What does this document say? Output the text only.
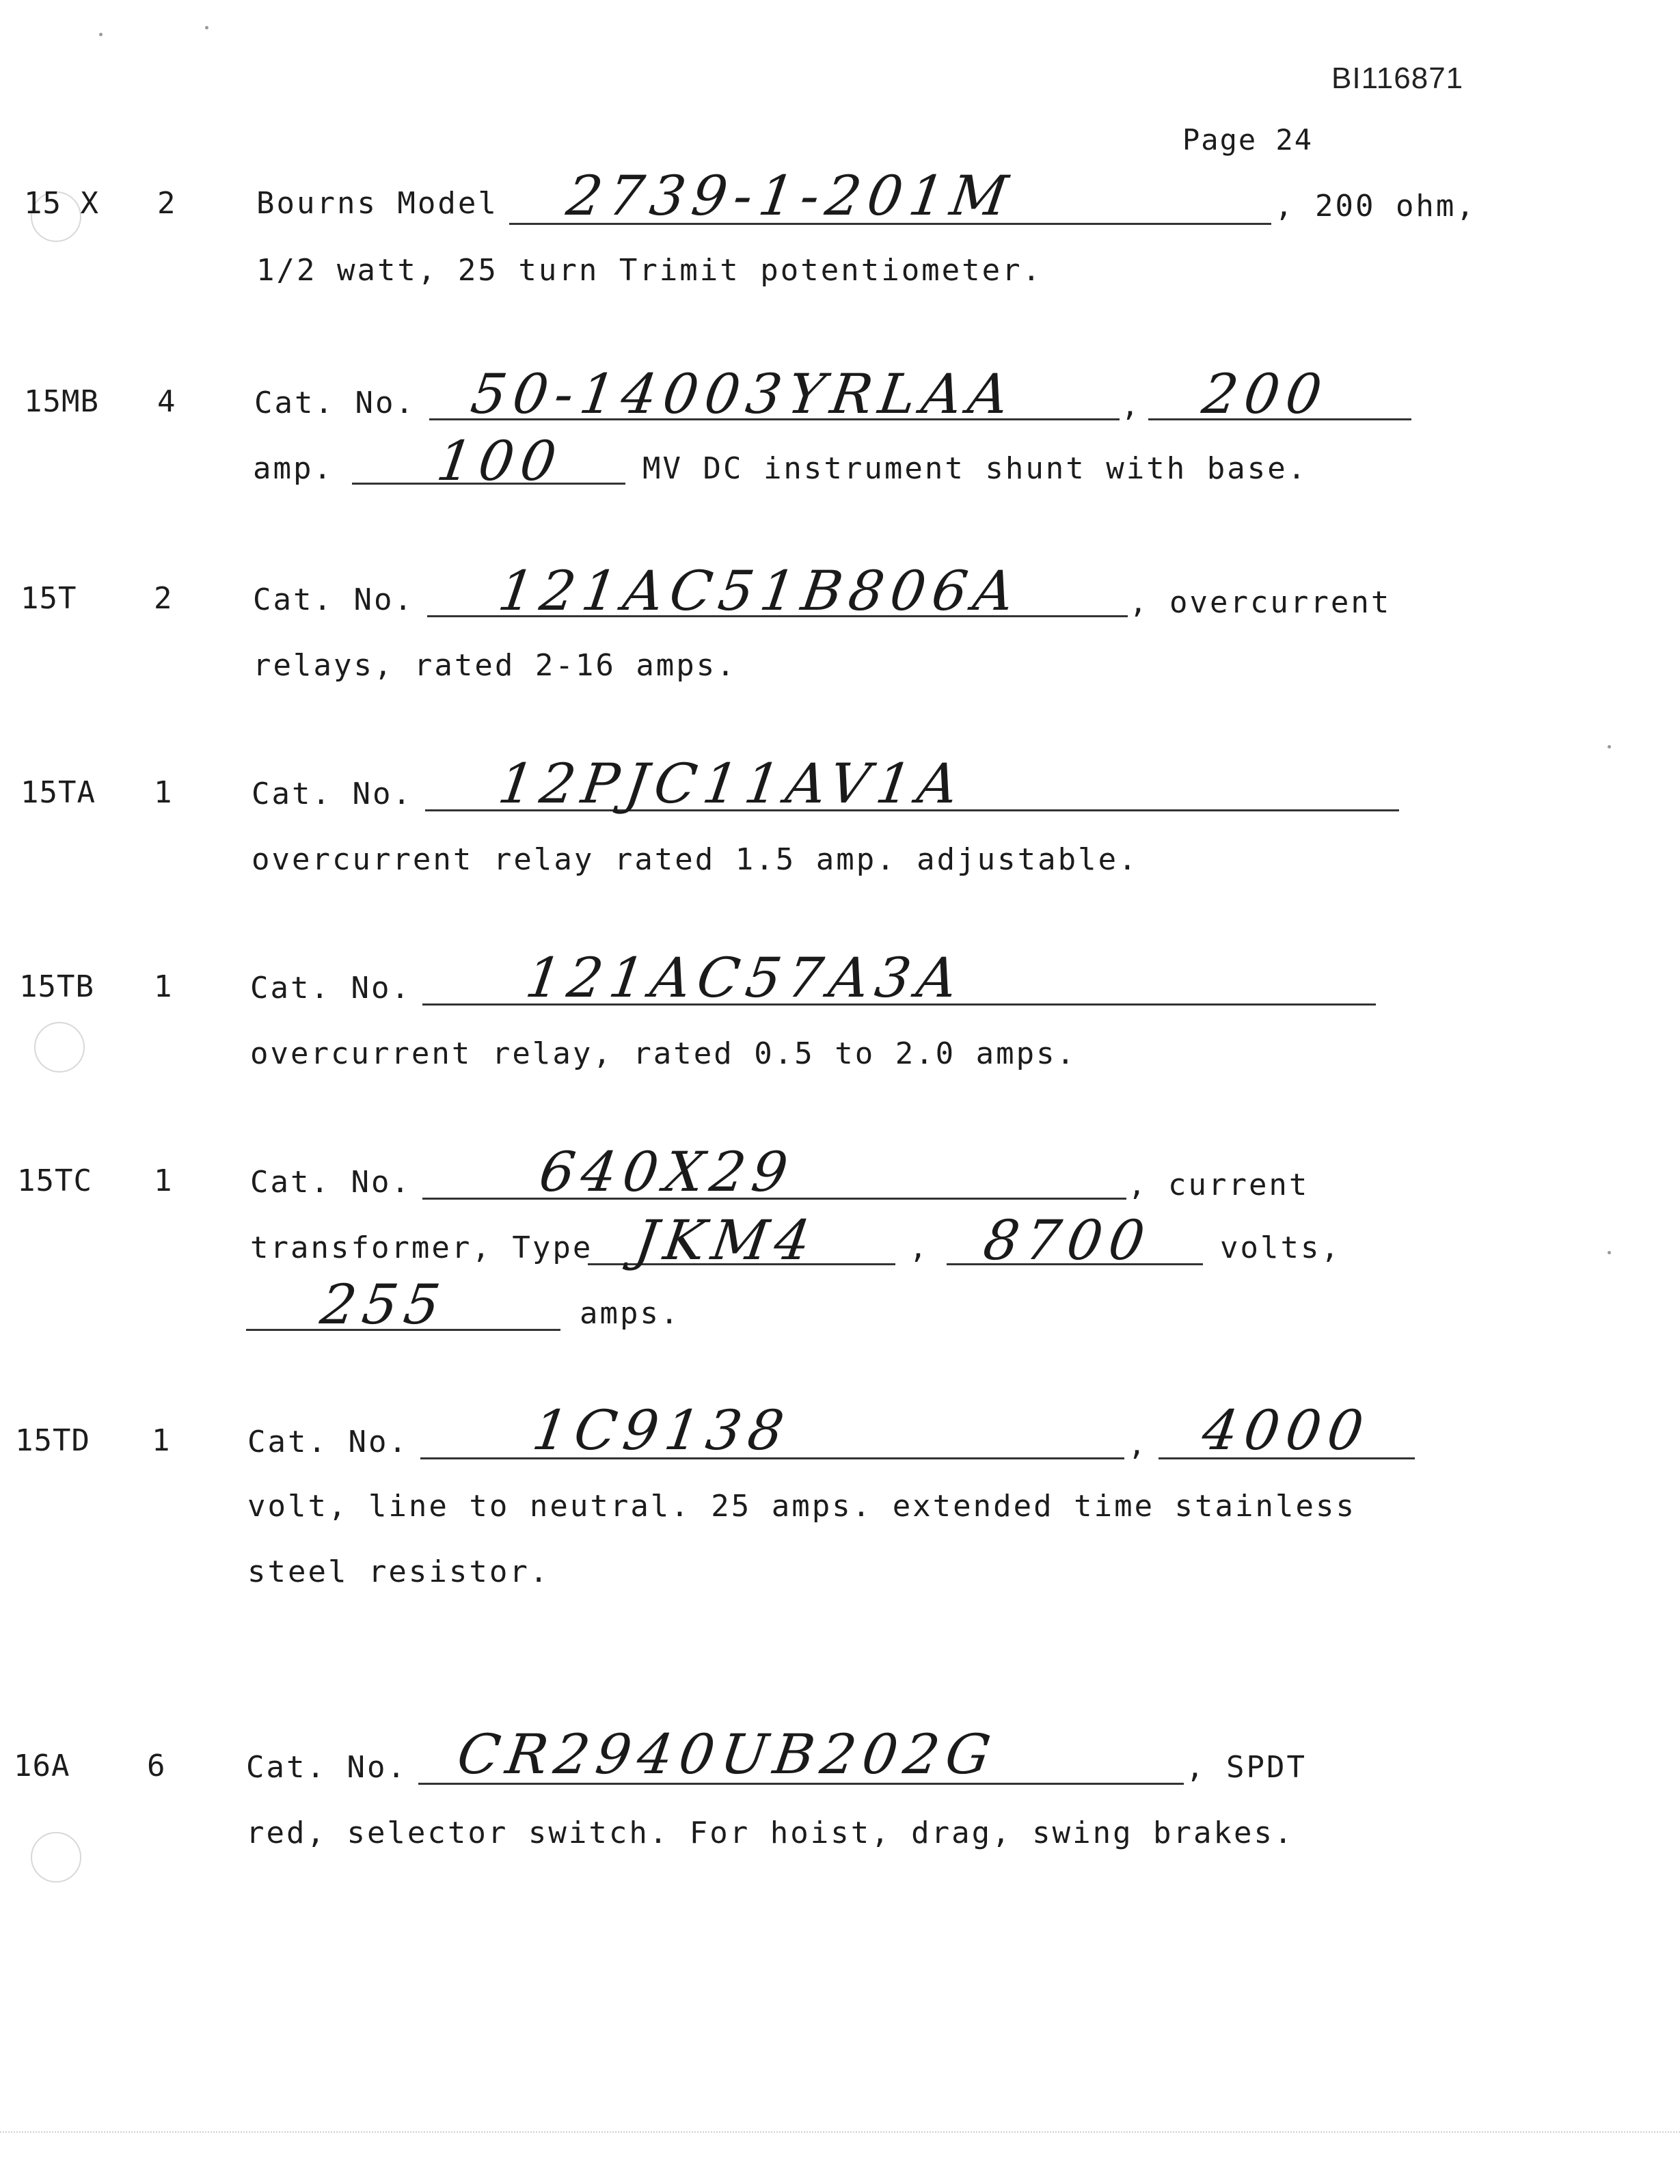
BI116871
Page 24
15 X 2	Bourns Model 2739-1-201M	, 200 ohm,
1/2 watt, 25 turn Trimit potentiometer.
15MB 4	Cat. No. 50-14003YRLAA	, 200
amp. 100	MV DC instrument shunt with base.
15T	2	Cat. No. 121AC51B806A	, overcurrent
relays, rated 2-16 amps.
15TA 1	Cat. No. 12PJC11AV1A
overcurrent relay rated 1.5 amp. adjustable.
15TB 1	Cat. No. 121AC57A3A
overcurrent relay, rated 0.5 to 2.0 amps.
15TC 1	Cat. No. 640X29	, current
transformer, Type JKM4	, 8700 volts,
255	amps.
15TD 1	Cat. No. 1C9138	, 4000
volt, line to neutral. 25 amps. extended time stainless
steel resistor.
16A	6	Cat. No. CR2940UB202G	, SPDT
red, selector switch. For hoist, drag, swing brakes.
